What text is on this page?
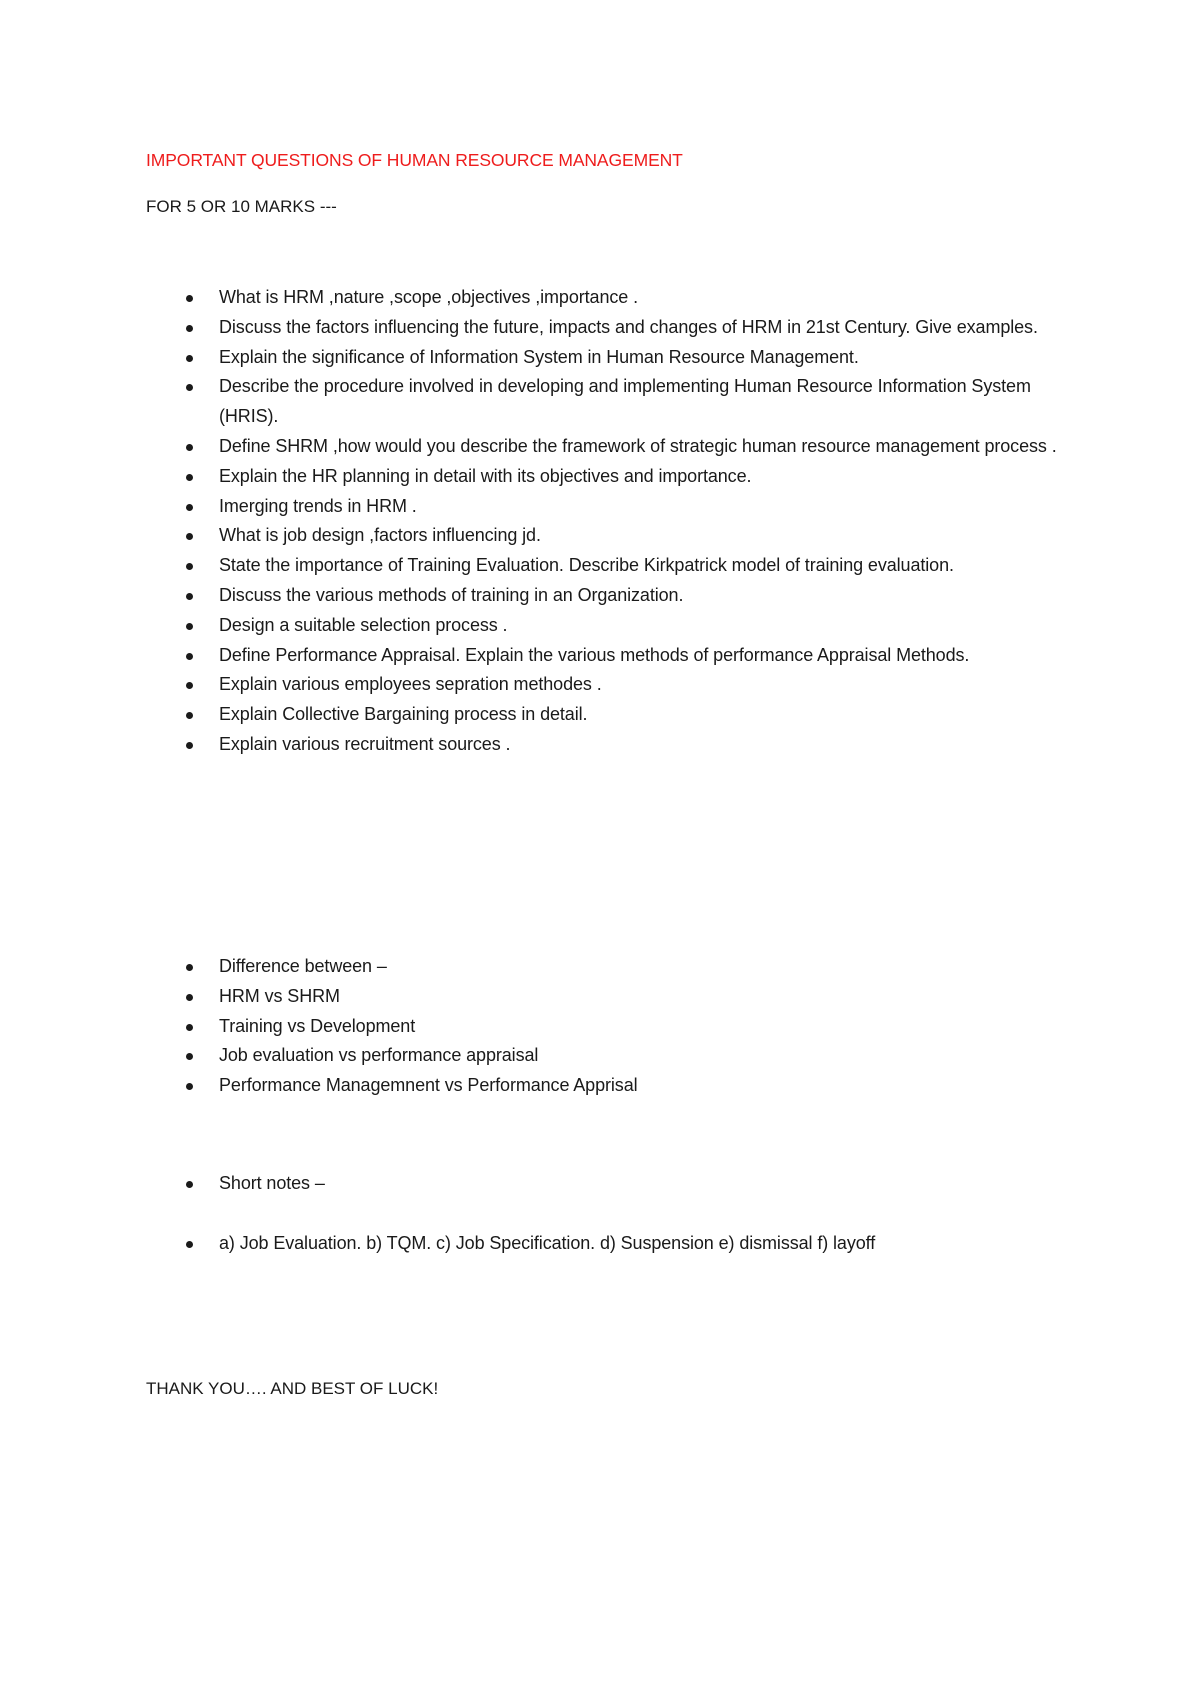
IMPORTANT QUESTIONS OF HUMAN RESOURCE MANAGEMENT
FOR 5 OR 10 MARKS ---
What is HRM ,nature ,scope ,objectives ,importance .
Discuss the factors influencing the future, impacts and changes of HRM in 21st Century. Give examples.
Explain the significance of Information System in Human Resource Management.
Describe the procedure involved in developing and implementing Human Resource Information System (HRIS).
Define SHRM ,how would you describe the framework of strategic human resource management process .
Explain the HR planning in detail with its objectives and importance.
Imerging trends in HRM .
What is job design ,factors influencing jd.
State the importance of Training Evaluation. Describe Kirkpatrick model of training evaluation.
Discuss the various methods of training in an Organization.
Design a suitable selection process .
Define Performance Appraisal. Explain the various methods of performance Appraisal Methods.
Explain various employees sepration methodes .
Explain Collective Bargaining process in detail.
Explain various recruitment sources .
Difference between –
HRM vs SHRM
Training vs Development
Job evaluation vs performance appraisal
Performance Managemnent vs Performance Apprisal
Short notes –
a) Job Evaluation. b) TQM. c) Job Specification. d) Suspension e) dismissal f) layoff
THANK YOU…. AND BEST OF LUCK!
